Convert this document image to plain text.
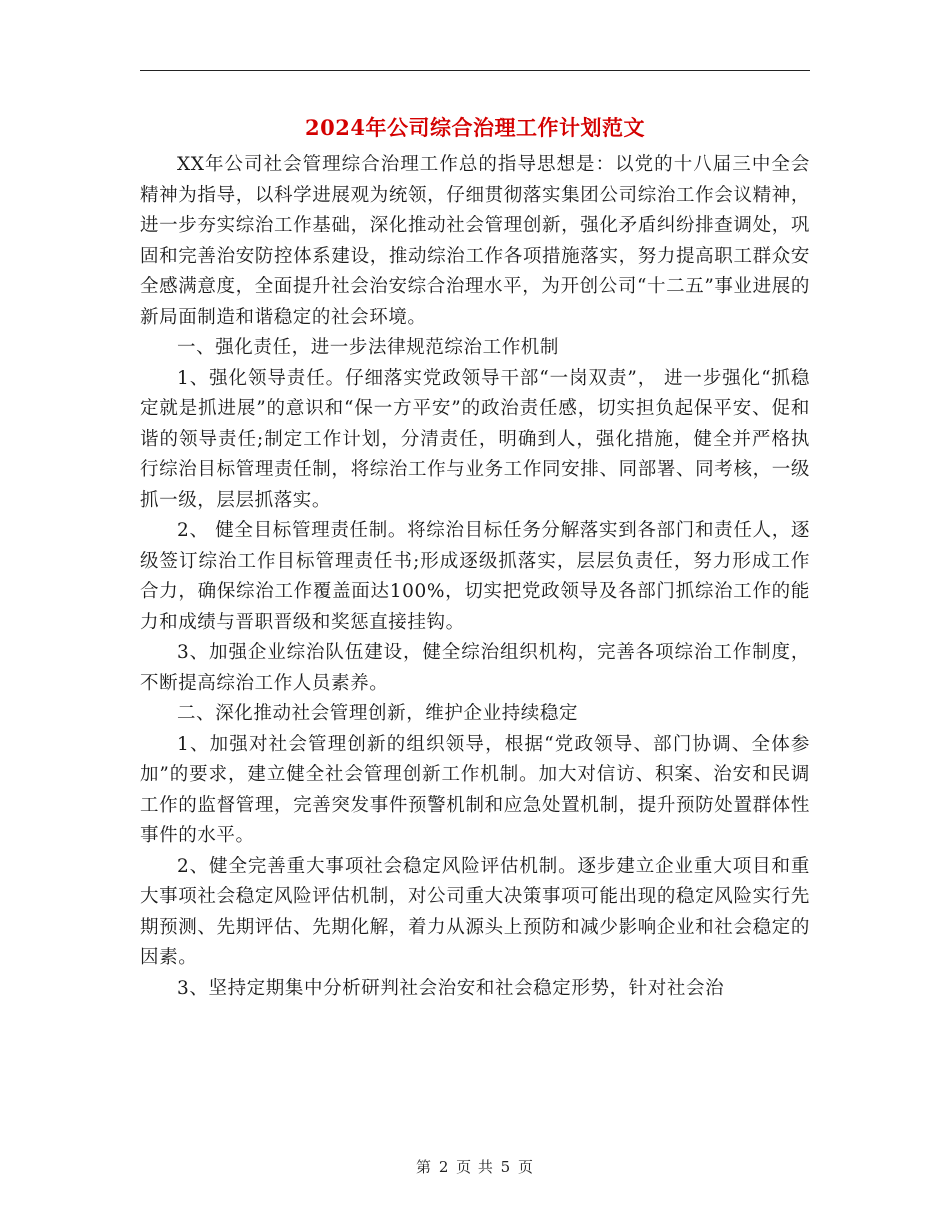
2024年公司综合治理工作计划范文

XX年公司社会管理综合治理工作总的指导思想是：以党的十八届三中全会精神为指导，以科学进展观为统领，仔细贯彻落实集团公司综治工作会议精神，进一步夯实综治工作基础，深化推动社会管理创新，强化矛盾纠纷排查调处，巩固和完善治安防控体系建设，推动综治工作各项措施落实，努力提高职工群众安全感满意度，全面提升社会治安综合治理水平，为开创公司“十二五”事业进展的新局面制造和谐稳定的社会环境。

一、强化责任，进一步法律规范综治工作机制

1、强化领导责任。仔细落实党政领导干部“一岗双责”， 进一步强化“抓稳定就是抓进展”的意识和“保一方平安”的政治责任感，切实担负起保平安、促和谐的领导责任;制定工作计划，分清责任，明确到人，强化措施，健全并严格执行综治目标管理责任制，将综治工作与业务工作同安排、同部署、同考核，一级抓一级，层层抓落实。

2、 健全目标管理责任制。将综治目标任务分解落实到各部门和责任人，逐级签订综治工作目标管理责任书;形成逐级抓落实，层层负责任，努力形成工作合力，确保综治工作覆盖面达100%，切实把党政领导及各部门抓综治工作的能力和成绩与晋职晋级和奖惩直接挂钩。

3、加强企业综治队伍建设，健全综治组织机构，完善各项综治工作制度，不断提高综治工作人员素养。

二、深化推动社会管理创新，维护企业持续稳定

1、加强对社会管理创新的组织领导，根据“党政领导、部门协调、全体参加”的要求，建立健全社会管理创新工作机制。加大对信访、积案、治安和民调工作的监督管理，完善突发事件预警机制和应急处置机制，提升预防处置群体性事件的水平。

2、健全完善重大事项社会稳定风险评估机制。逐步建立企业重大项目和重大事项社会稳定风险评估机制，对公司重大决策事项可能出现的稳定风险实行先期预测、先期评估、先期化解，着力从源头上预防和减少影响企业和社会稳定的因素。

3、坚持定期集中分析研判社会治安和社会稳定形势，针对社会治

第 2 页 共 5 页
